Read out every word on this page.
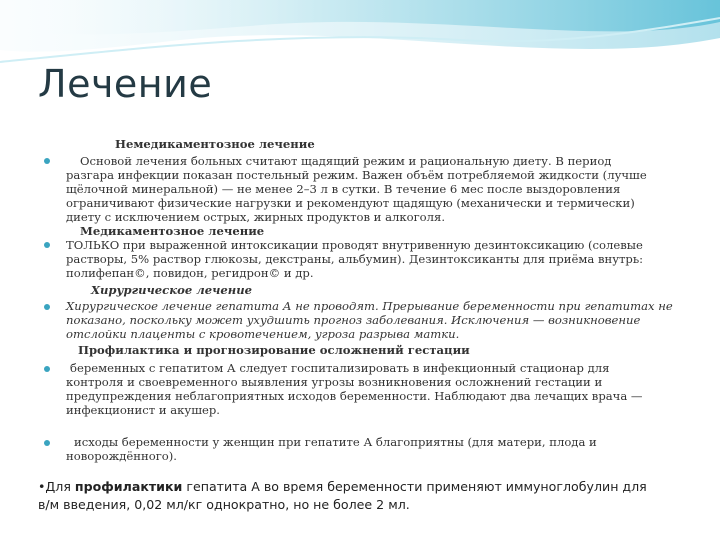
Лечение
Немедикаментозное лечение
Основой лечения больных считают щадящий режим и рациональную диету. В период
разгара инфекции показан постельный режим. Важен объём потребляемой жидкости (лучше
щёлочной минеральной) — не менее 2–3 л в сутки. В течение 6 мес после выздоровления
ограничивают физические нагрузки и рекомендуют щадящую (механически и термически)
диету с исключением острых, жирных продуктов и алкоголя.
Медикаментозное лечение
ТОЛЬКО при выраженной интоксикации проводят внутривенную дезинтоксикацию (солевые
растворы, 5% раствор глюкозы, декстраны, альбумин). Дезинтоксиканты для приёма внутрь:
полифепан©, повидон, регидрон© и др.
Хирургическое лечение
Хирургическое лечение гепатита А не проводят. Прерывание беременности при гепатитах не
показано, поскольку может ухудшить прогноз заболевания. Исключения — возникновение
отслойки плаценты с кровотечением, угроза разрыва матки.
Профилактика и прогнозирование осложнений гестации
беременных с гепатитом А следует госпитализировать в инфекционный стационар для
контроля и своевременного выявления угрозы возникновения осложнений гестации и
предупреждения неблагоприятных исходов беременности. Наблюдают два лечащих врача —
инфекционист и акушер.
исходы беременности у женщин при гепатите А благоприятны (для матери, плода и
новорождённого).
•Для профилактики гепатита А во время беременности применяют иммуноглобулин для
в/м введения, 0,02 мл/кг однократно, но не более 2 мл.
